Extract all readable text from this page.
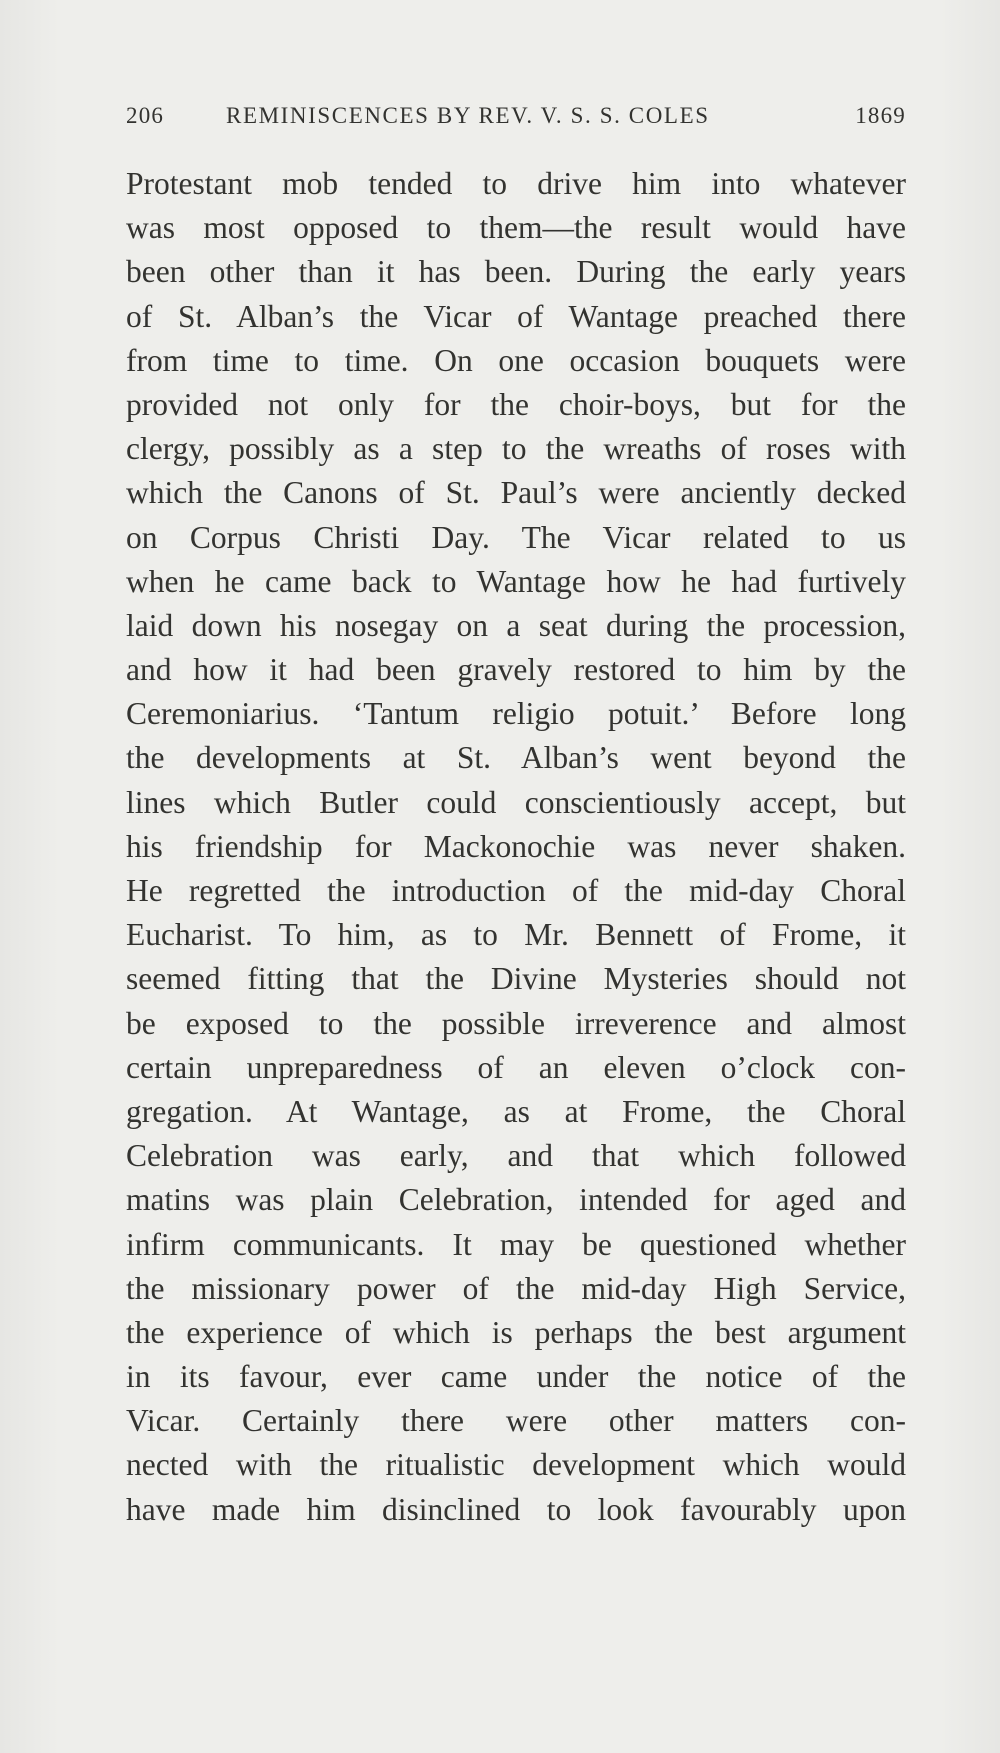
206	REMINISCENCES BY REV. V. S. S. COLES	1869
Protestant mob tended to drive him into whatever
was most opposed to them—the result would have
been other than it has been. During the early years
of St. Alban’s the Vicar of Wantage preached there
from time to time. On one occasion bouquets were
provided not only for the choir-boys, but for the
clergy, possibly as a step to the wreaths of roses with
which the Canons of St. Paul’s were anciently decked
on Corpus Christi Day. The Vicar related to us
when he came back to Wantage how he had furtively
laid down his nosegay on a seat during the procession,
and how it had been gravely restored to him by the
Ceremoniarius. ‘Tantum religio potuit.’ Before long
the developments at St. Alban’s went beyond the
lines which Butler could conscientiously accept, but
his friendship for Mackonochie was never shaken.
He regretted the introduction of the mid-day Choral
Eucharist. To him, as to Mr. Bennett of Frome, it
seemed fitting that the Divine Mysteries should not
be exposed to the possible irreverence and almost
certain unpreparedness of an eleven o’clock con-
gregation. At Wantage, as at Frome, the Choral
Celebration was early, and that which followed
matins was plain Celebration, intended for aged and
infirm communicants. It may be questioned whether
the missionary power of the mid-day High Service,
the experience of which is perhaps the best argument
in its favour, ever came under the notice of the
Vicar. Certainly there were other matters con-
nected with the ritualistic development which would
have made him disinclined to look favourably upon
